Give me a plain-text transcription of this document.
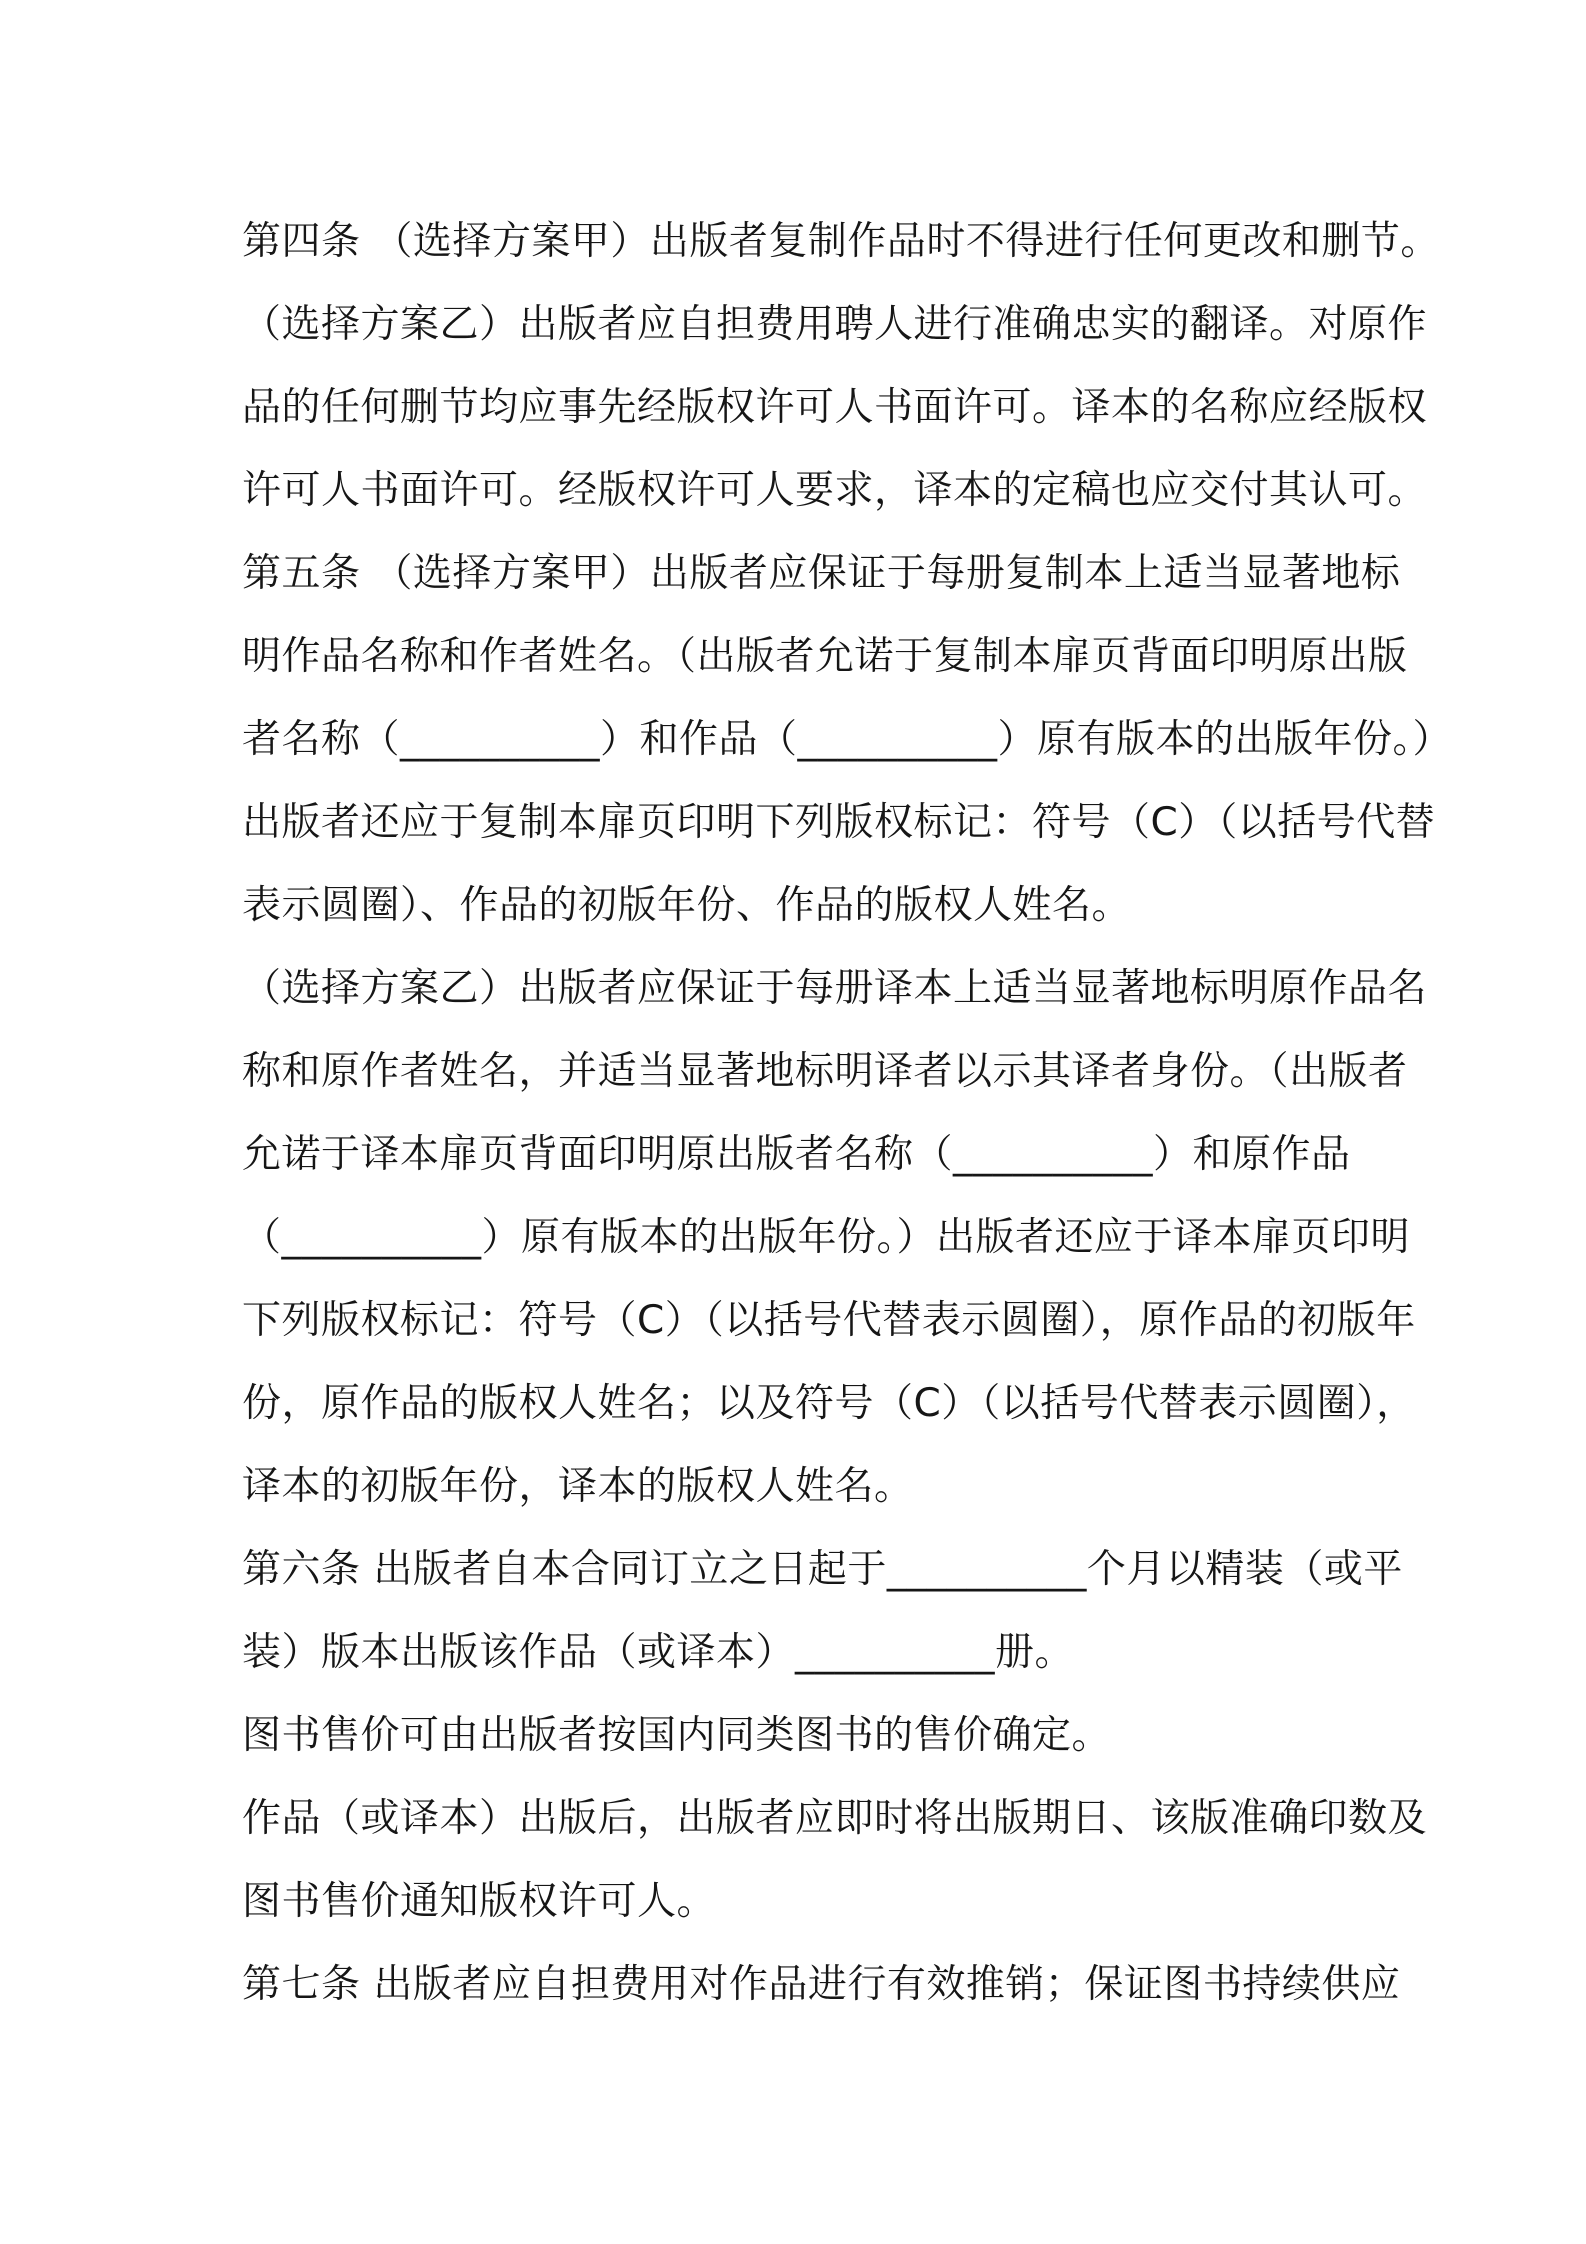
第四条 （选择方案甲）出版者复制作品时不得进行任何更改和删节。
（选择方案乙）出版者应自担费用聘人进行准确忠实的翻译。对原作
品的任何删节均应事先经版权许可人书面许可。译本的名称应经版权
许可人书面许可。经版权许可人要求，译本的定稿也应交付其认可。
第五条 （选择方案甲）出版者应保证于每册复制本上适当显著地标
明作品名称和作者姓名。（出版者允诺于复制本扉页背面印明原出版
者名称（__________）和作品（__________）原有版本的出版年份。）
出版者还应于复制本扉页印明下列版权标记：符号（C）（以括号代替
表示圆圈）、作品的初版年份、作品的版权人姓名。
（选择方案乙）出版者应保证于每册译本上适当显著地标明原作品名
称和原作者姓名，并适当显著地标明译者以示其译者身份。（出版者
允诺于译本扉页背面印明原出版者名称（__________）和原作品
（__________）原有版本的出版年份。）出版者还应于译本扉页印明
下列版权标记：符号（C）（以括号代替表示圆圈），原作品的初版年
份，原作品的版权人姓名；以及符号（C）（以括号代替表示圆圈），
译本的初版年份，译本的版权人姓名。
第六条 出版者自本合同订立之日起于__________个月以精装（或平
装）版本出版该作品（或译本）__________册。
图书售价可由出版者按国内同类图书的售价确定。
作品（或译本）出版后，出版者应即时将出版期日、该版准确印数及
图书售价通知版权许可人。
第七条 出版者应自担费用对作品进行有效推销；保证图书持续供应
